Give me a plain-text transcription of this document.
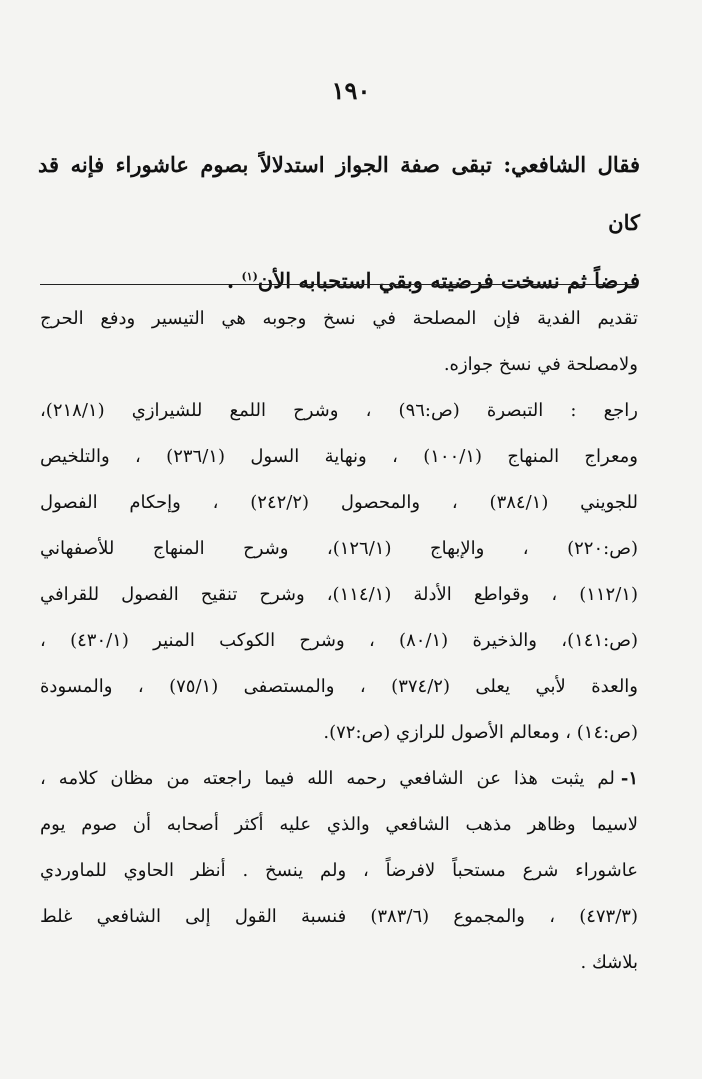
١٩٠
فقال الشافعي: تبقى صفة الجواز استدلالاً بصوم عاشوراء فإنه قد كان
فرضاً ثم نسخت فرضيته وبقي استحبابه الأن$^{(١)}$ .
تقديم الفدية فإن المصلحة في نسخ وجوبه هي التيسير ودفع الحرج
ولامصلحة في نسخ جوازه.
راجع : التبصرة (ص:٩٦) ، وشرح اللمع للشيرازي (٢١٨/١)،
ومعراج المنهاج (١٠٠/١) ، ونهاية السول (٢٣٦/١) ، والتلخيص
للجويني (٣٨٤/١) ، والمحصول (٢٤٢/٢) ، وإحكام الفصول
(ص:٢٢٠) ، والإبهاج (١٢٦/١)، وشرح المنهاج للأصفهاني
(١١٢/١) ، وقواطع الأدلة (١١٤/١)، وشرح تنقيح الفصول للقرافي
(ص:١٤١)، والذخيرة (٨٠/١) ، وشرح الكوكب المنير (٤٣٠/١) ،
والعدة لأبي يعلى (٣٧٤/٢) ، والمستصفى (٧٥/١) ، والمسودة
(ص:١٤) ، ومعالم الأصول للرازي (ص:٧٢).
١-لم يثبت هذا عن الشافعي رحمه الله فيما راجعته من مظان كلامه ،
لاسيما وظاهر مذهب الشافعي والذي عليه أكثر أصحابه أن صوم يوم
عاشوراء شرع مستحباً لافرضاً ، ولم ينسخ . أنظر الحاوي للماوردي
(٤٧٣/٣) ، والمجموع (٣٨٣/٦) فنسبة القول إلى الشافعي غلط
بلاشك .
